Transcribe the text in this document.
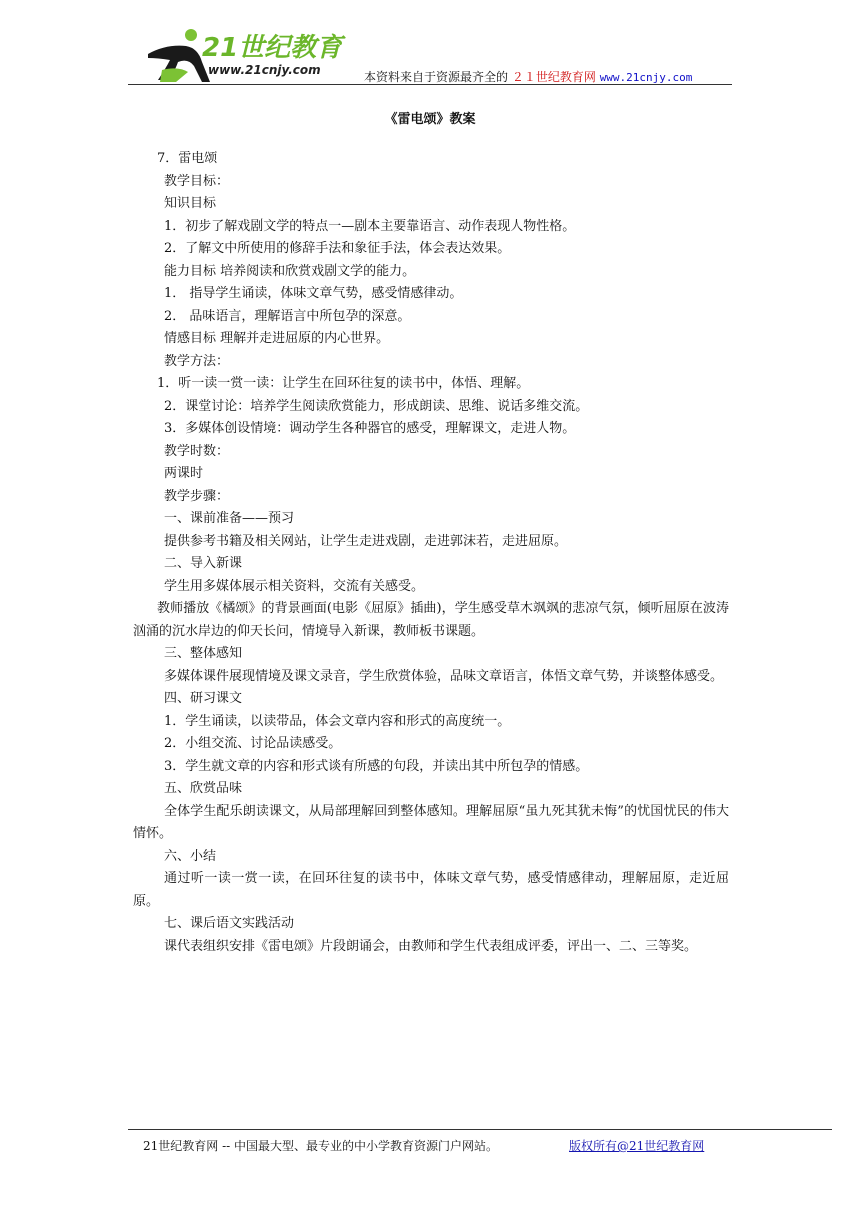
21世纪教育
www.21cnjy.com	本资料来自于资源最齐全的 ２１世纪教育网 www.21cnjy.com
《雷电颂》教案
7．雷电颂
教学目标：
知识目标
1．初步了解戏剧文学的特点一—剧本主要靠语言、动作表现人物性格。
2．了解文中所使用的修辞手法和象征手法，体会表达效果。
能力目标 培养阅读和欣赏戏剧文学的能力。
1． 指导学生诵读，体味文章气势，感受情感律动。
2． 品味语言，理解语言中所包孕的深意。
情感目标 理解并走进屈原的内心世界。
教学方法：
1．听一读一赏一读：让学生在回环往复的读书中，体悟、理解。
2．课堂讨论：培养学生阅读欣赏能力，形成朗读、思维、说话多维交流。
3．多媒体创设情境：调动学生各种器官的感受，理解课文，走进人物。
教学时数：
两课时
教学步骤：
一、课前准备——预习
提供参考书籍及相关网站，让学生走进戏剧，走进郭沫若，走进屈原。
二、导入新课
学生用多媒体展示相关资料，交流有关感受。
教师播放《橘颂》的背景画面(电影《屈原》插曲)，学生感受草木飒飒的悲凉气氛，倾听屈原在波涛汹涌的沉水岸边的仰天长问，情境导入新课，教师板书课题。
三、整体感知
多媒体课件展现情境及课文录音，学生欣赏体验，品味文章语言，体悟文章气势，并谈整体感受。
四、研习课文
1．学生诵读，以读带品，体会文章内容和形式的高度统一。
2．小组交流、讨论品读感受。
3．学生就文章的内容和形式谈有所感的句段，并读出其中所包孕的情感。
五、欣赏品味
全体学生配乐朗读课文，从局部理解回到整体感知。理解屈原“虽九死其犹未悔”的忧国忧民的伟大情怀。
六、小结
通过听一读一赏一读，在回环往复的读书中，体味文章气势，感受情感律动，理解屈原，走近屈原。
七、课后语文实践活动
课代表组织安排《雷电颂》片段朗诵会，由教师和学生代表组成评委，评出一、二、三等奖。
21世纪教育网 -- 中国最大型、最专业的中小学教育资源门户网站。	版权所有@21世纪教育网
